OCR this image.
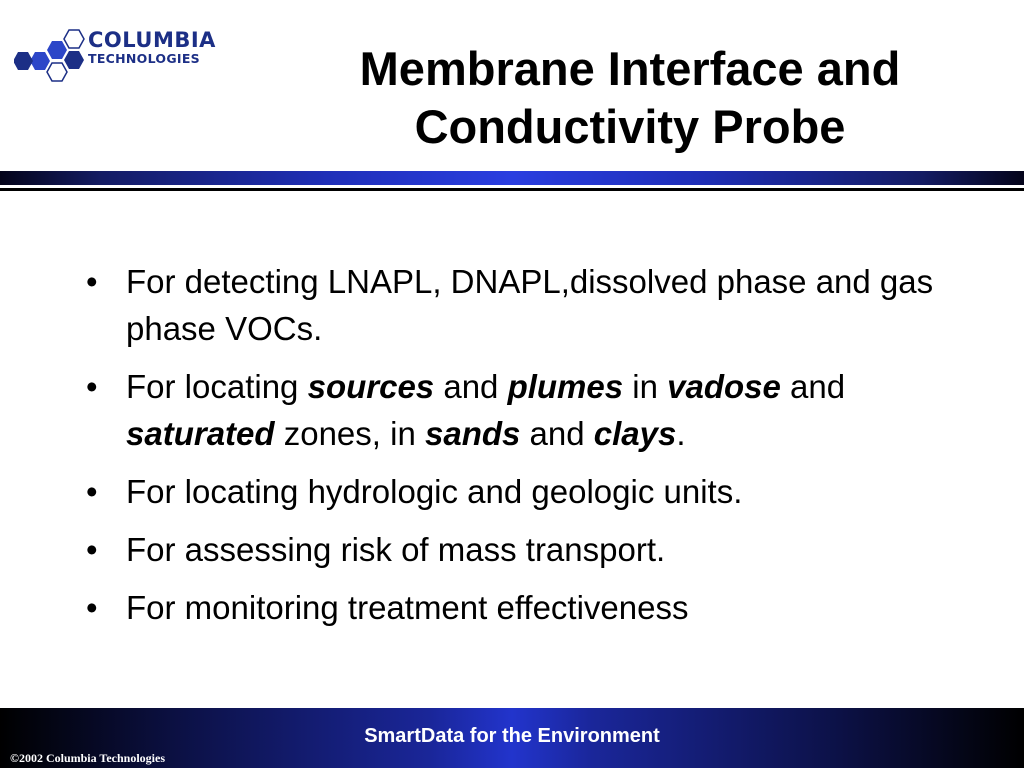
COLUMBIA
TECHNOLOGIES	Membrane Interface and
Conductivity Probe
• For detecting LNAPL, DNAPL,dissolved phase and gas phase VOCs.
• For locating sources and plumes in vadose and saturated zones, in sands and clays.
• For locating hydrologic and geologic units.
• For assessing risk of mass transport.
• For monitoring treatment effectiveness
SmartData for the Environment
©2002 Columbia Technologies
